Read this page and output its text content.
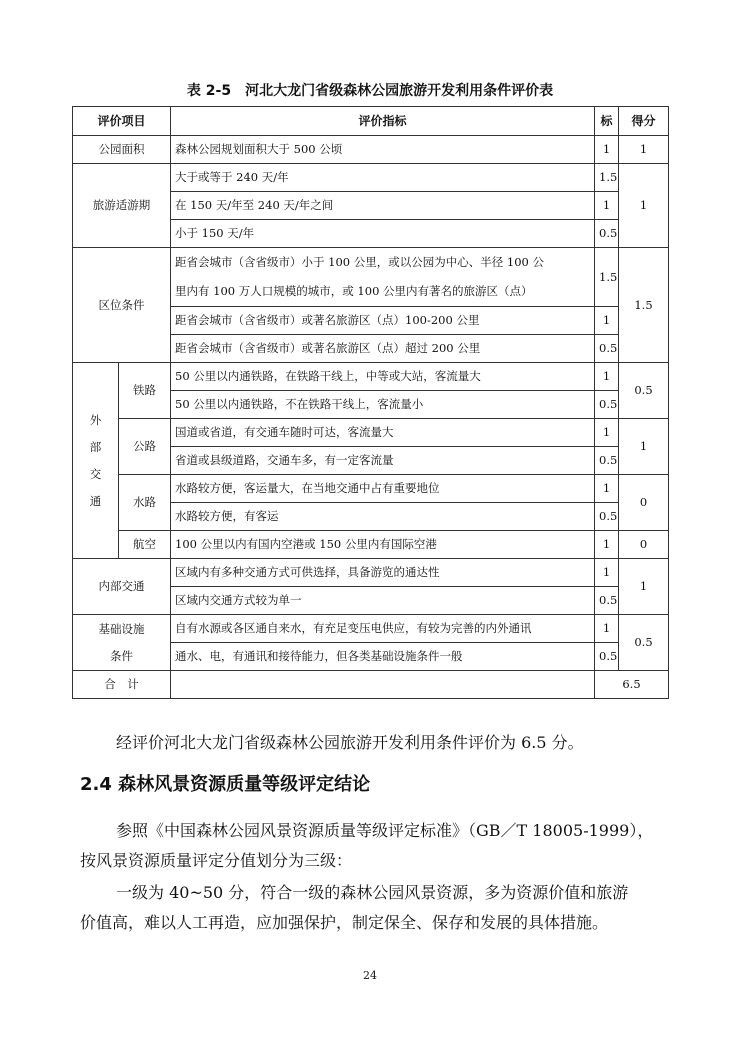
表 2-5　河北大龙门省级森林公园旅游开发利用条件评价表
评价项目		评价指标	标	得分
公园面积		森林公园规划面积大于 500 公顷	1	1
旅游适游期		大于或等于 240 天/年	1.5	1
		在 150 天/年至 240 天/年之间	1	
		小于 150 天/年	0.5	
区位条件		距省会城市（含省级市）小于 100 公里，或以公园为中心、半径 100 公
里内有 100 万人口规模的城市，或 100 公里内有著名的旅游区（点）	1.5	1.5
		距省会城市（含省级市）或著名旅游区（点）100-200 公里	1	
		距省会城市（含省级市）或著名旅游区（点）超过 200 公里	0.5	

外
部
交
通	铁路	50 公里以内通铁路，在铁路干线上，中等或大站，客流量大	1	0.5
		50 公里以内通铁路，不在铁路干线上，客流量小	0.5	
	公路	国道或省道，有交通车随时可达，客流量大	1	1
		省道或县级道路，交通车多，有一定客流量	0.5	
	水路	水路较方便，客运量大，在当地交通中占有重要地位	1	0
		水路较方便，有客运	0.5	
	航空	100 公里以内有国内空港或 150 公里内有国际空港	1	0
内部交通		区域内有多种交通方式可供选择，具备游览的通达性	1	1
		区域内交通方式较为单一	0.5	

基础设施
条件		自有水源或各区通自来水，有充足变压电供应，有较为完善的内外通讯	1	0.5
		通水、电，有通讯和接待能力，但各类基础设施条件一般	0.5	
合　计			6.5	
经评价河北大龙门省级森林公园旅游开发利用条件评价为 6.5 分。
2.4 森林风景资源质量等级评定结论
参照《中国森林公园风景资源质量等级评定标准》（GB／T 18005-1999），
按风景资源质量评定分值划分为三级：
一级为 40~50 分，符合一级的森林公园风景资源，多为资源价值和旅游
价值高，难以人工再造，应加强保护，制定保全、保存和发展的具体措施。
24
